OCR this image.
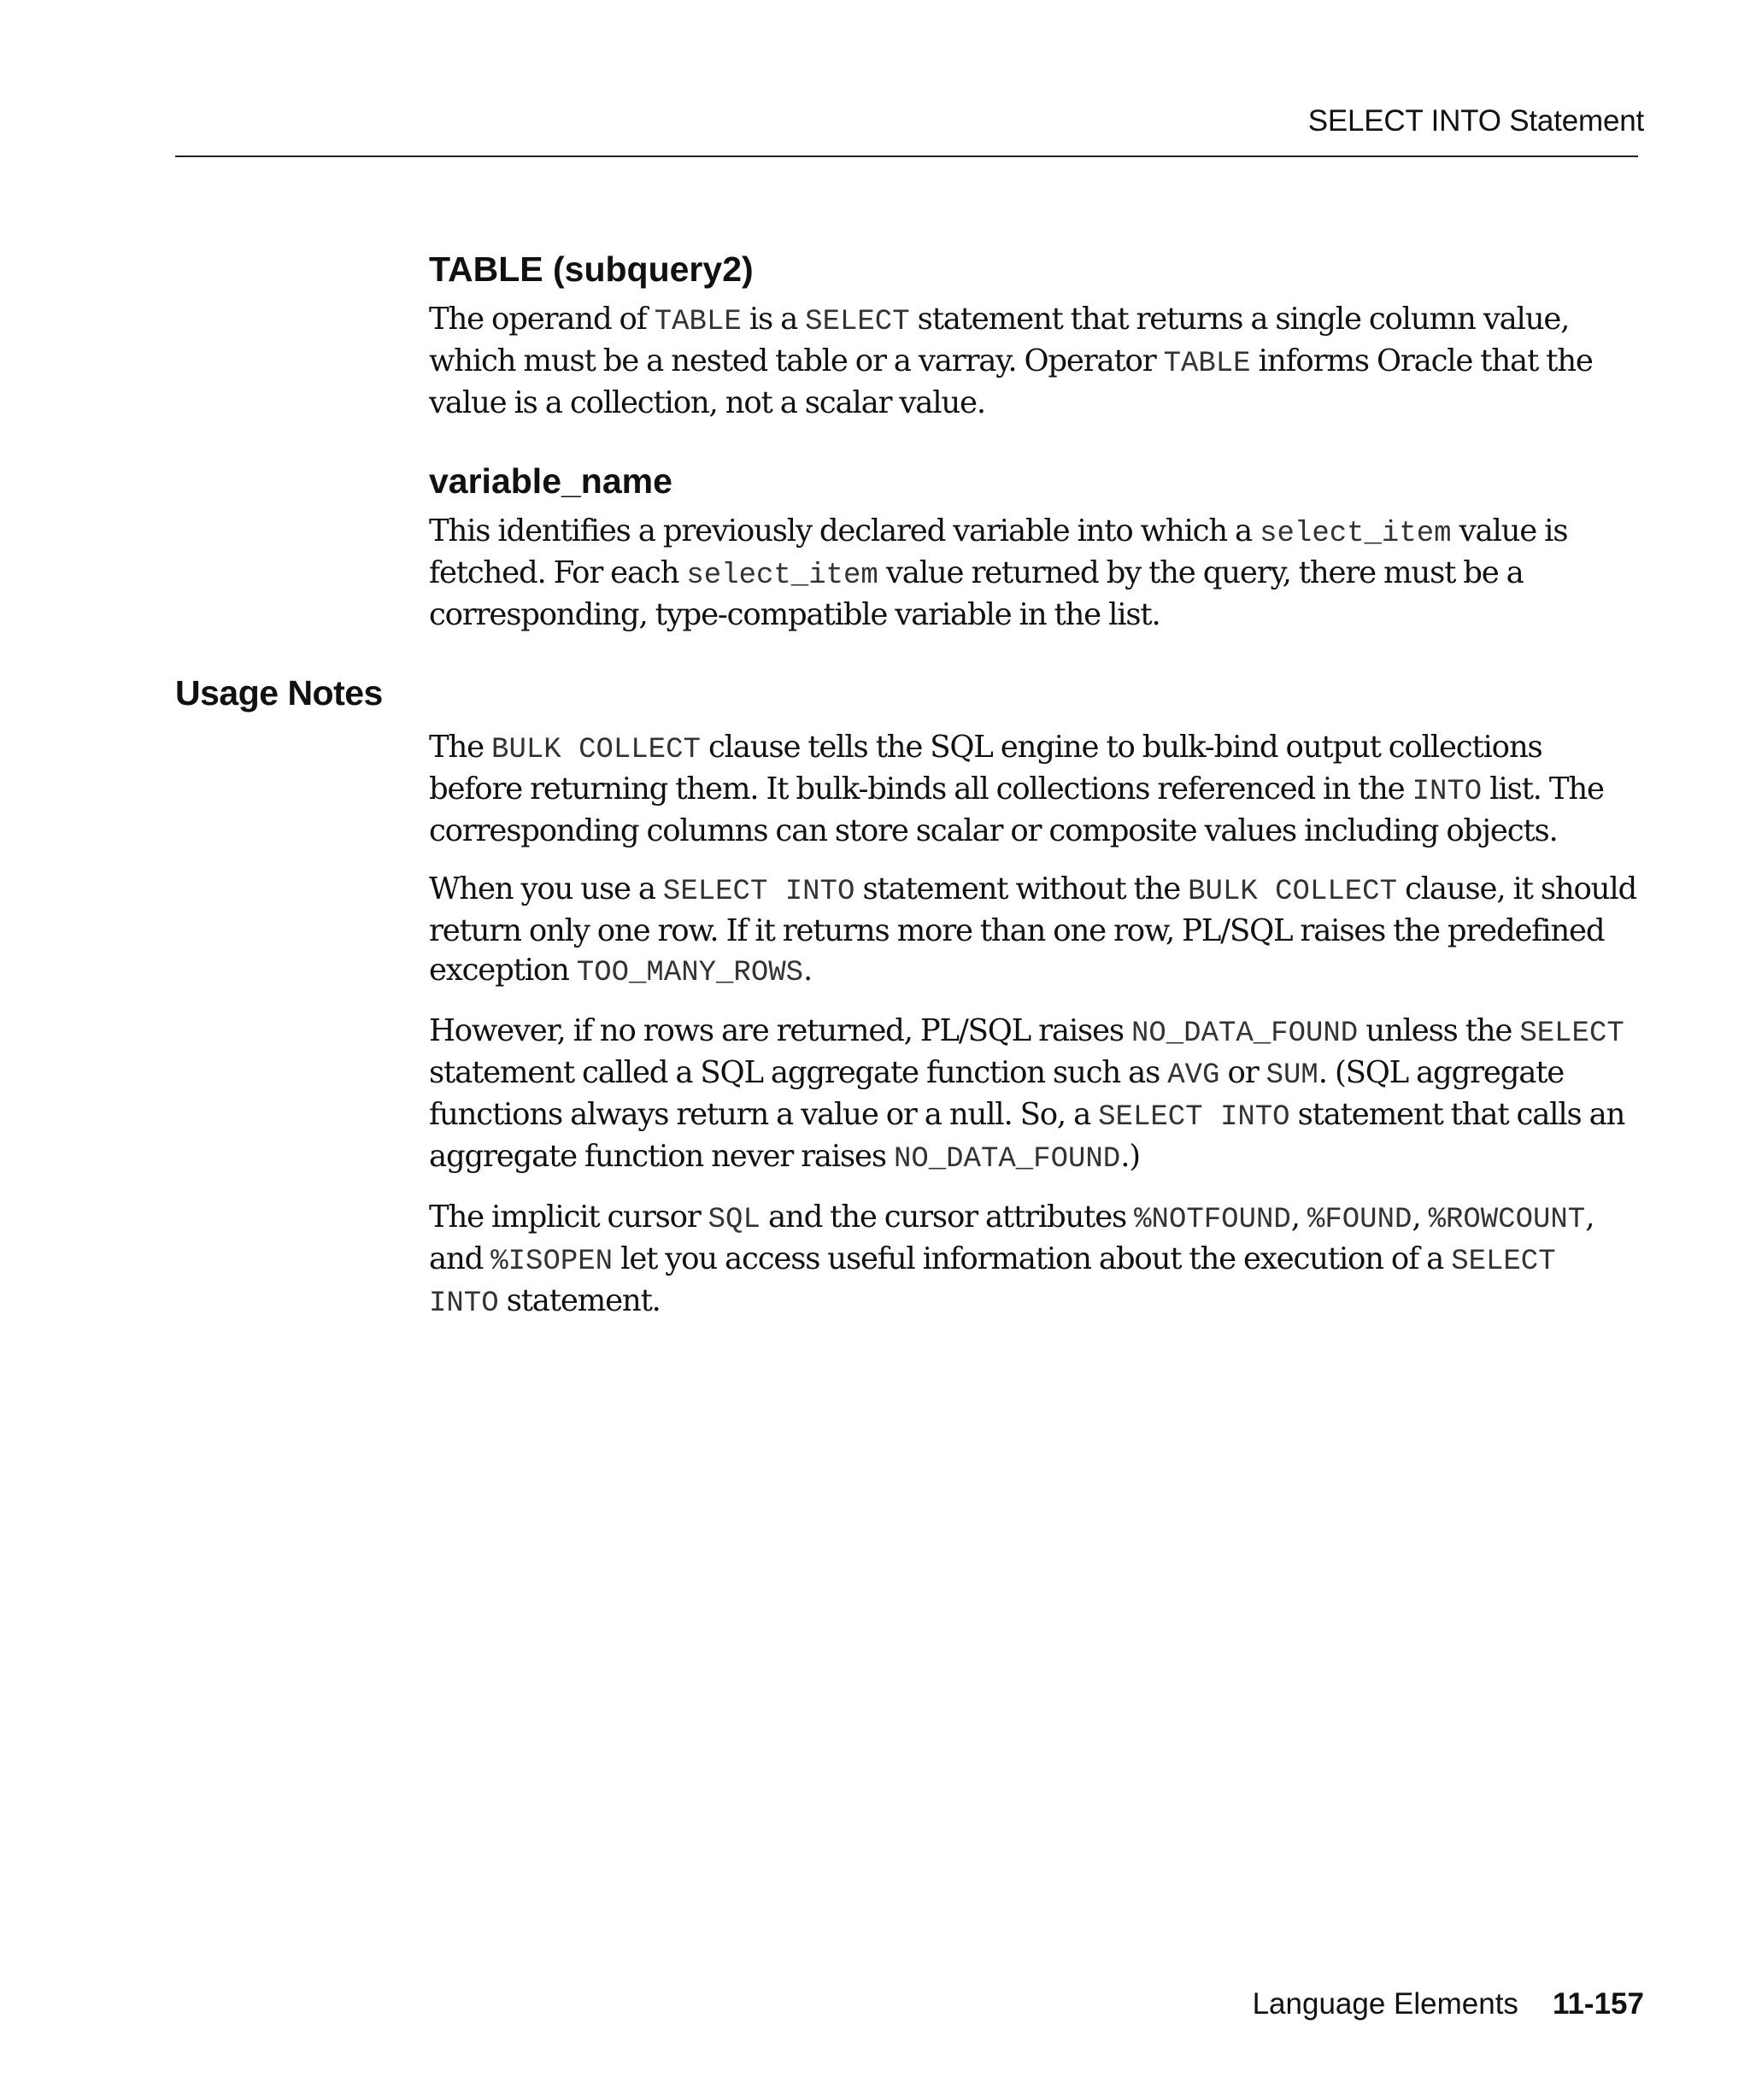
SELECT INTO Statement
TABLE (subquery2)

The operand of TABLE is a SELECT statement that returns a single column value, which must be a nested table or a varray. Operator TABLE informs Oracle that the value is a collection, not a scalar value.

variable_name

This identifies a previously declared variable into which a select_item value is fetched. For each select_item value returned by the query, there must be a corresponding, type-compatible variable in the list.

Usage Notes

The BULK COLLECT clause tells the SQL engine to bulk-bind output collections before returning them. It bulk-binds all collections referenced in the INTO list. The corresponding columns can store scalar or composite values including objects.

When you use a SELECT INTO statement without the BULK COLLECT clause, it should return only one row. If it returns more than one row, PL/SQL raises the predefined exception TOO_MANY_ROWS.

However, if no rows are returned, PL/SQL raises NO_DATA_FOUND unless the SELECT statement called a SQL aggregate function such as AVG or SUM. (SQL aggregate functions always return a value or a null. So, a SELECT INTO statement that calls an aggregate function never raises NO_DATA_FOUND.)

The implicit cursor SQL and the cursor attributes %NOTFOUND, %FOUND, %ROWCOUNT, and %ISOPEN let you access useful information about the execution of a SELECT INTO statement.

Language Elements 11-157
